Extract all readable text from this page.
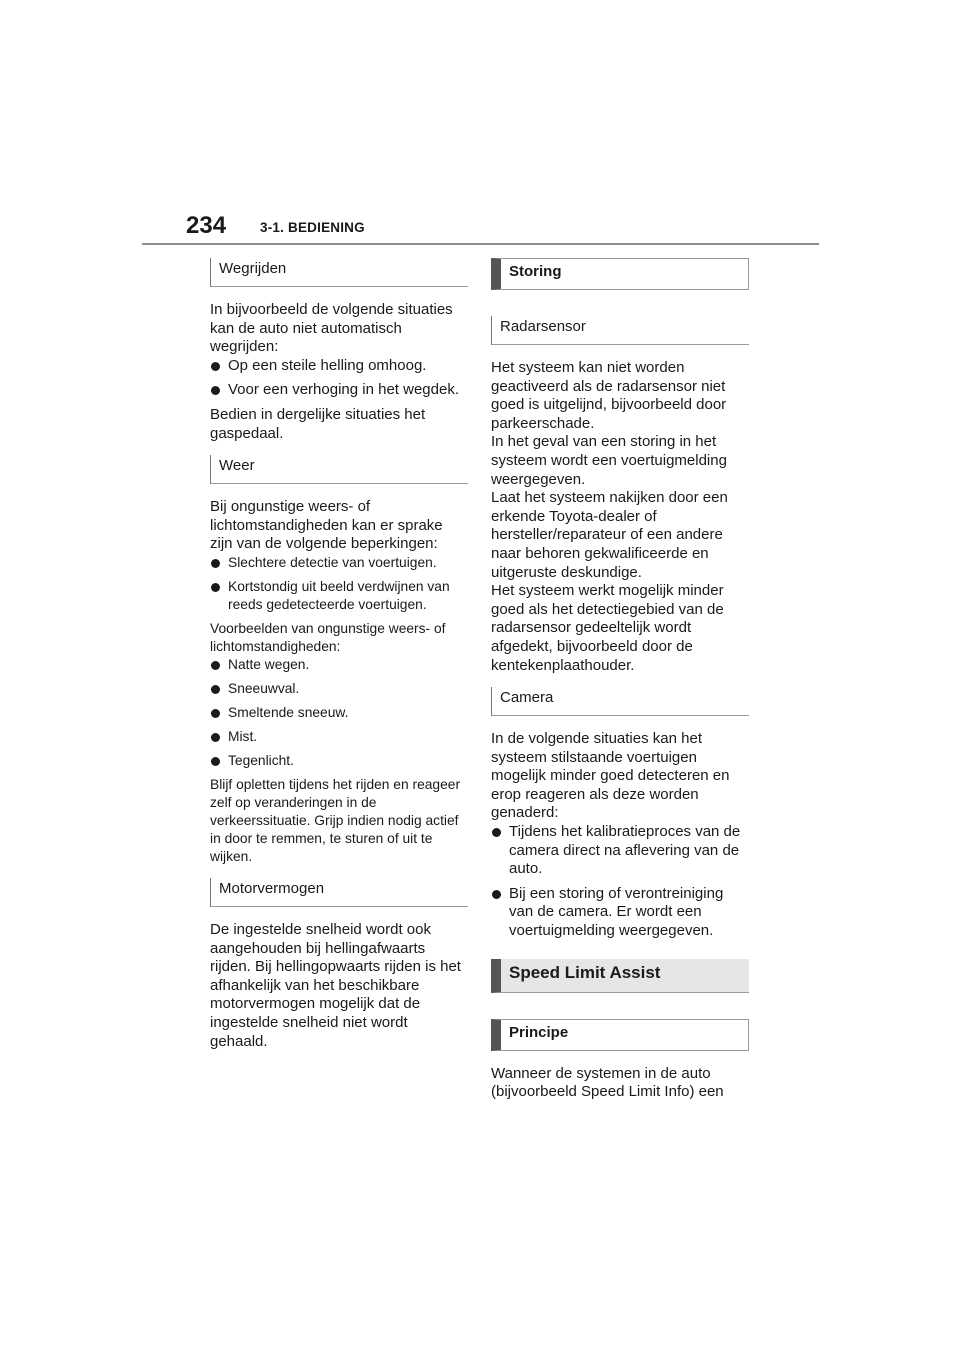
234	3-1. BEDIENING
Wegrijden

In bijvoorbeeld de volgende situaties kan de auto niet automatisch wegrijden:

Op een steile helling omhoog.
Voor een verhoging in het wegdek.

Bedien in dergelijke situaties het gaspedaal.

Weer

Bij ongunstige weers- of lichtomstandigheden kan er sprake zijn van de volgende beperkingen:

Slechtere detectie van voertuigen.
Kortstondig uit beeld verdwijnen van reeds gedetecteerde voertuigen.

Voorbeelden van ongunstige weers- of lichtomstandigheden:

Natte wegen.
Sneeuwval.
Smeltende sneeuw.
Mist.
Tegenlicht.

Blijf opletten tijdens het rijden en reageer zelf op veranderingen in de verkeerssituatie. Grijp indien nodig actief in door te remmen, te sturen of uit te wijken.

Motorvermogen

De ingestelde snelheid wordt ook aangehouden bij hellingafwaarts rijden. Bij hellingopwaarts rijden is het afhankelijk van het beschikbare motorvermogen mogelijk dat de ingestelde snelheid niet wordt gehaald.

Storing
Radarsensor

Het systeem kan niet worden geactiveerd als de radarsensor niet goed is uitgelijnd, bijvoorbeeld door parkeerschade.

In het geval van een storing in het systeem wordt een voertuigmelding weergegeven.

Laat het systeem nakijken door een erkende Toyota-dealer of hersteller/reparateur of een andere naar behoren gekwalificeerde en uitgeruste deskundige.

Het systeem werkt mogelijk minder goed als het detectiegebied van de radarsensor gedeeltelijk wordt afgedekt, bijvoorbeeld door de kentekenplaathouder.

Camera

In de volgende situaties kan het systeem stilstaande voertuigen mogelijk minder goed detecteren en erop reageren als deze worden genaderd:

Tijdens het kalibratieproces van de camera direct na aflevering van de auto.
Bij een storing of verontreiniging van de camera. Er wordt een voertuigmelding weergegeven.
Speed Limit Assist
Principe

Wanneer de systemen in de auto (bijvoorbeeld Speed Limit Info) een
